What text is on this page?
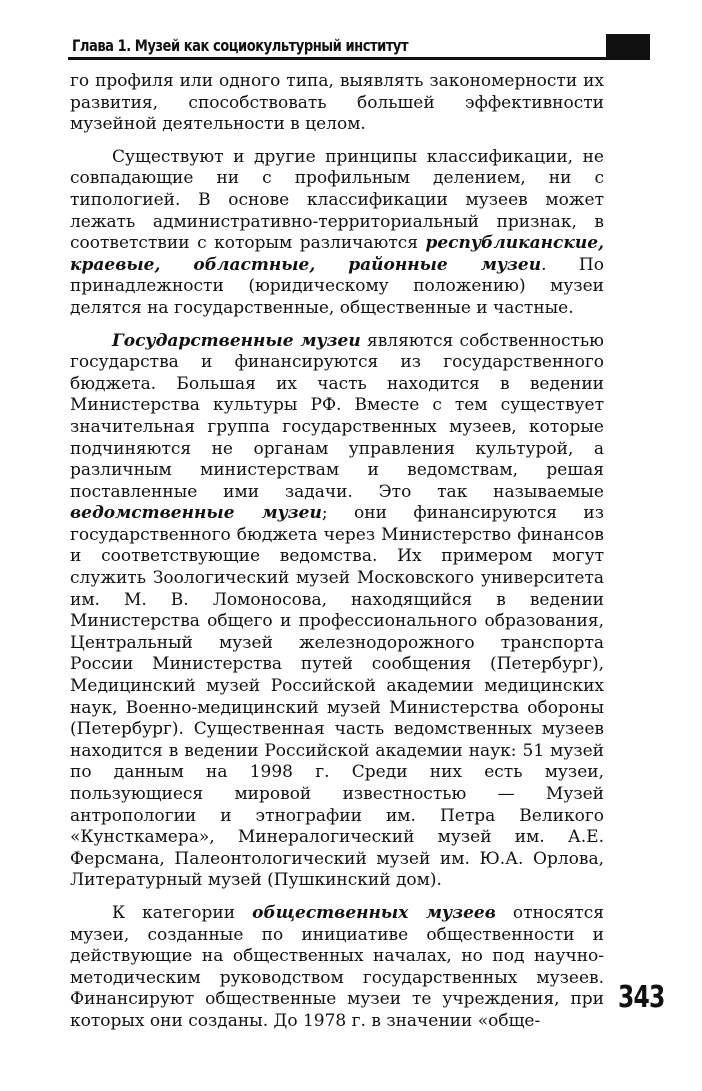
Глава 1. Музей как социокультурный институт

го профиля или одного типа, выявлять закономерности их развития, способствовать большей эффективности музейной деятельности в целом.

Существуют и другие принципы классификации, не совпадающие ни с профильным делением, ни с типологией. В основе классификации музеев может лежать административно-территориальный признак, в соответствии с которым различаются республиканские, краевые, областные, районные музеи. По принадлежности (юридическому положению) музеи делятся на государственные, общественные и частные.

Государственные музеи являются собственностью государства и финансируются из государственного бюджета. Большая их часть находится в ведении Министерства культуры РФ. Вместе с тем существует значительная группа государственных музеев, которые подчиняются не органам управления культурой, а различным министерствам и ведомствам, решая поставленные ими задачи. Это так называемые ведомственные музеи; они финансируются из государственного бюджета через Министерство финансов и соответствующие ведомства. Их примером могут служить Зоологический музей Московского университета им. М. В. Ломоносова, находящийся в ведении Министерства общего и профессионального образования, Центральный музей железнодорожного транспорта России Министерства путей сообщения (Петербург), Медицинский музей Российской академии медицинских наук, Военно-медицинский музей Министерства обороны (Петербург). Существенная часть ведомственных музеев находится в ведении Российской академии наук: 51 музей по данным на 1998 г. Среди них есть музеи, пользующиеся мировой известностью — Музей антропологии и этнографии им. Петра Великого «Кунсткамера», Минералогический музей им. А.Е. Ферсмана, Палеонтологический музей им. Ю.А. Орлова, Литературный музей (Пушкинский дом).

К категории общественных музеев относятся музеи, созданные по инициативе общественности и действующие на общественных началах, но под научно-методическим руководством государственных музеев. Финансируют общественные музеи те учреждения, при которых они созданы. До 1978 г. в значении «обще-

343
